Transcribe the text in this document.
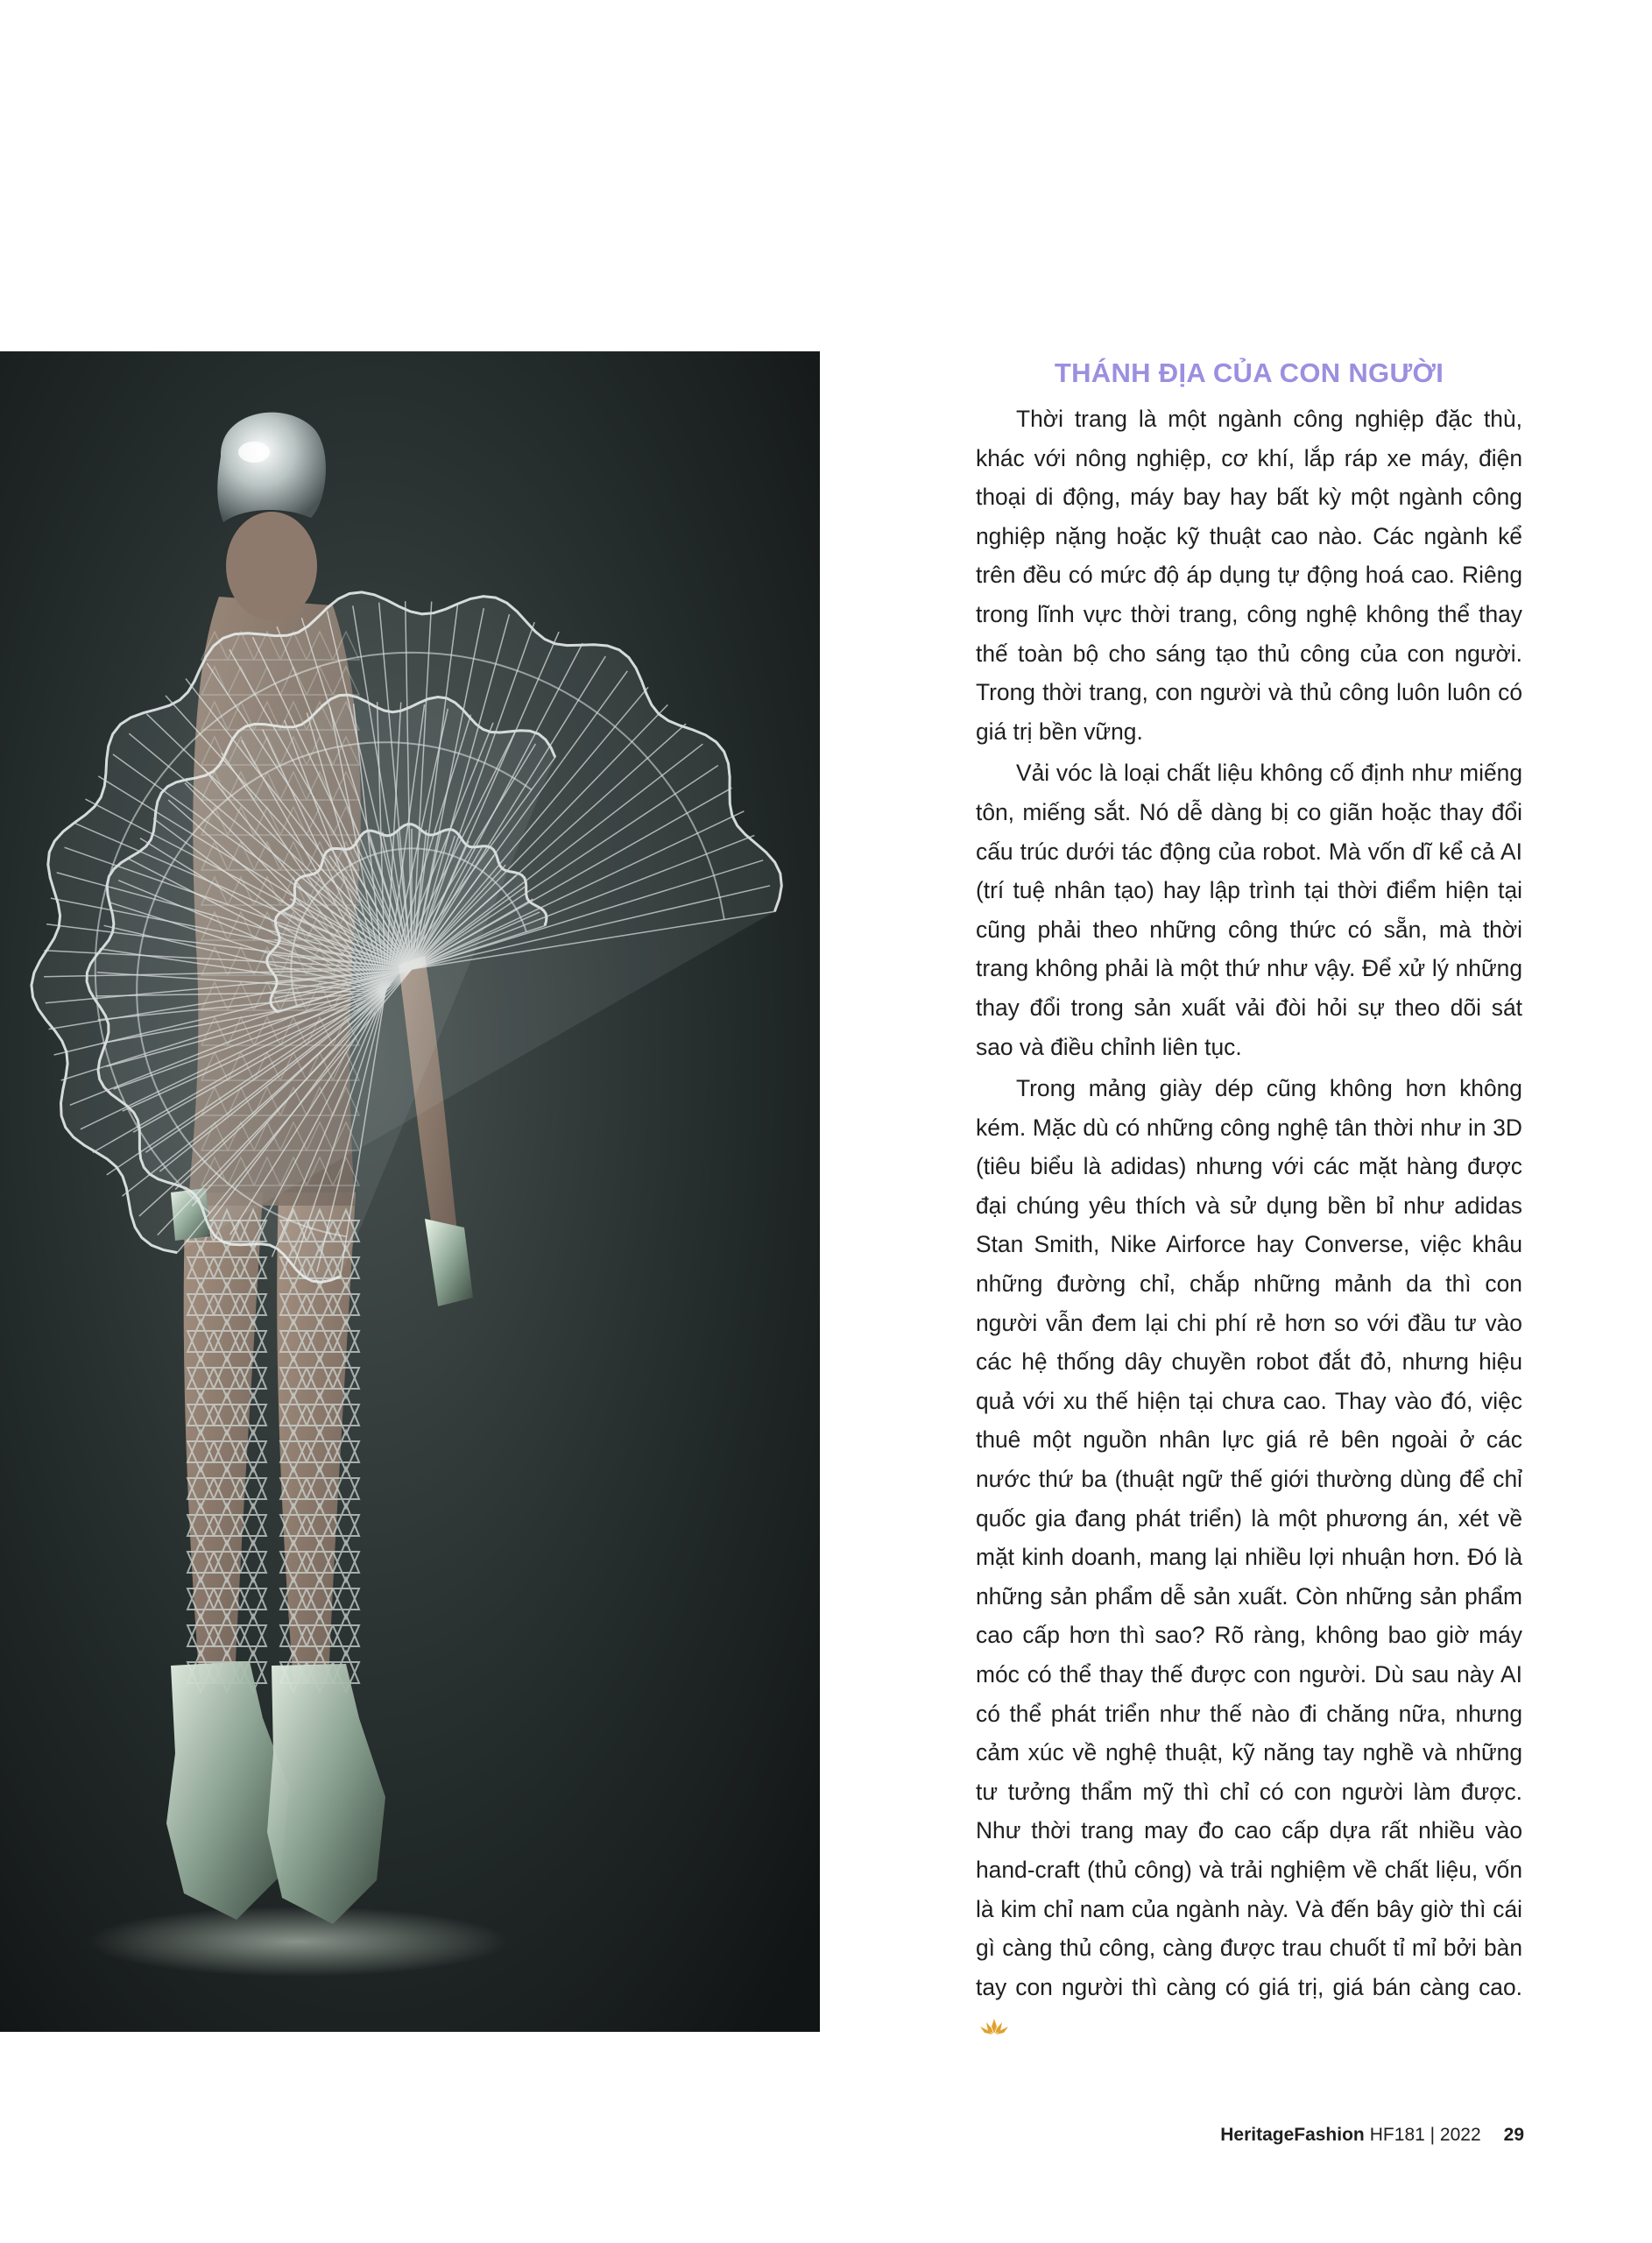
THÁNH ĐỊA CỦA CON NGƯỜI

Thời trang là một ngành công nghiệp đặc thù, khác với nông nghiệp, cơ khí, lắp ráp xe máy, điện thoại di động, máy bay hay bất kỳ một ngành công nghiệp nặng hoặc kỹ thuật cao nào. Các ngành kể trên đều có mức độ áp dụng tự động hoá cao. Riêng trong lĩnh vực thời trang, công nghệ không thể thay thế toàn bộ cho sáng tạo thủ công của con người. Trong thời trang, con người và thủ công luôn luôn có giá trị bền vững.

Vải vóc là loại chất liệu không cố định như miếng tôn, miếng sắt. Nó dễ dàng bị co giãn hoặc thay đổi cấu trúc dưới tác động của robot. Mà vốn dĩ kể cả AI (trí tuệ nhân tạo) hay lập trình tại thời điểm hiện tại cũng phải theo những công thức có sẵn, mà thời trang không phải là một thứ như vậy. Để xử lý những thay đổi trong sản xuất vải đòi hỏi sự theo dõi sát sao và điều chỉnh liên tục.

Trong mảng giày dép cũng không hơn không kém. Mặc dù có những công nghệ tân thời như in 3D (tiêu biểu là adidas) nhưng với các mặt hàng được đại chúng yêu thích và sử dụng bền bỉ như adidas Stan Smith, Nike Airforce hay Converse, việc khâu những đường chỉ, chắp những mảnh da thì con người vẫn đem lại chi phí rẻ hơn so với đầu tư vào các hệ thống dây chuyền robot đắt đỏ, nhưng hiệu quả với xu thế hiện tại chưa cao. Thay vào đó, việc thuê một nguồn nhân lực giá rẻ bên ngoài ở các nước thứ ba (thuật ngữ thế giới thường dùng để chỉ quốc gia đang phát triển) là một phương án, xét về mặt kinh doanh, mang lại nhiều lợi nhuận hơn. Đó là những sản phẩm dễ sản xuất. Còn những sản phẩm cao cấp hơn thì sao? Rõ ràng, không bao giờ máy móc có thể thay thế được con người. Dù sau này AI có thể phát triển như thế nào đi chăng nữa, nhưng cảm xúc về nghệ thuật, kỹ năng tay nghề và những tư tưởng thẩm mỹ thì chỉ có con người làm được. Như thời trang may đo cao cấp dựa rất nhiều vào hand-craft (thủ công) và trải nghiệm về chất liệu, vốn là kim chỉ nam của ngành này. Và đến bây giờ thì cái gì càng thủ công, càng được trau chuốt tỉ mỉ bởi bàn tay con người thì càng có giá trị, giá bán càng cao.

HeritageFashion HF181 | 2022 29
